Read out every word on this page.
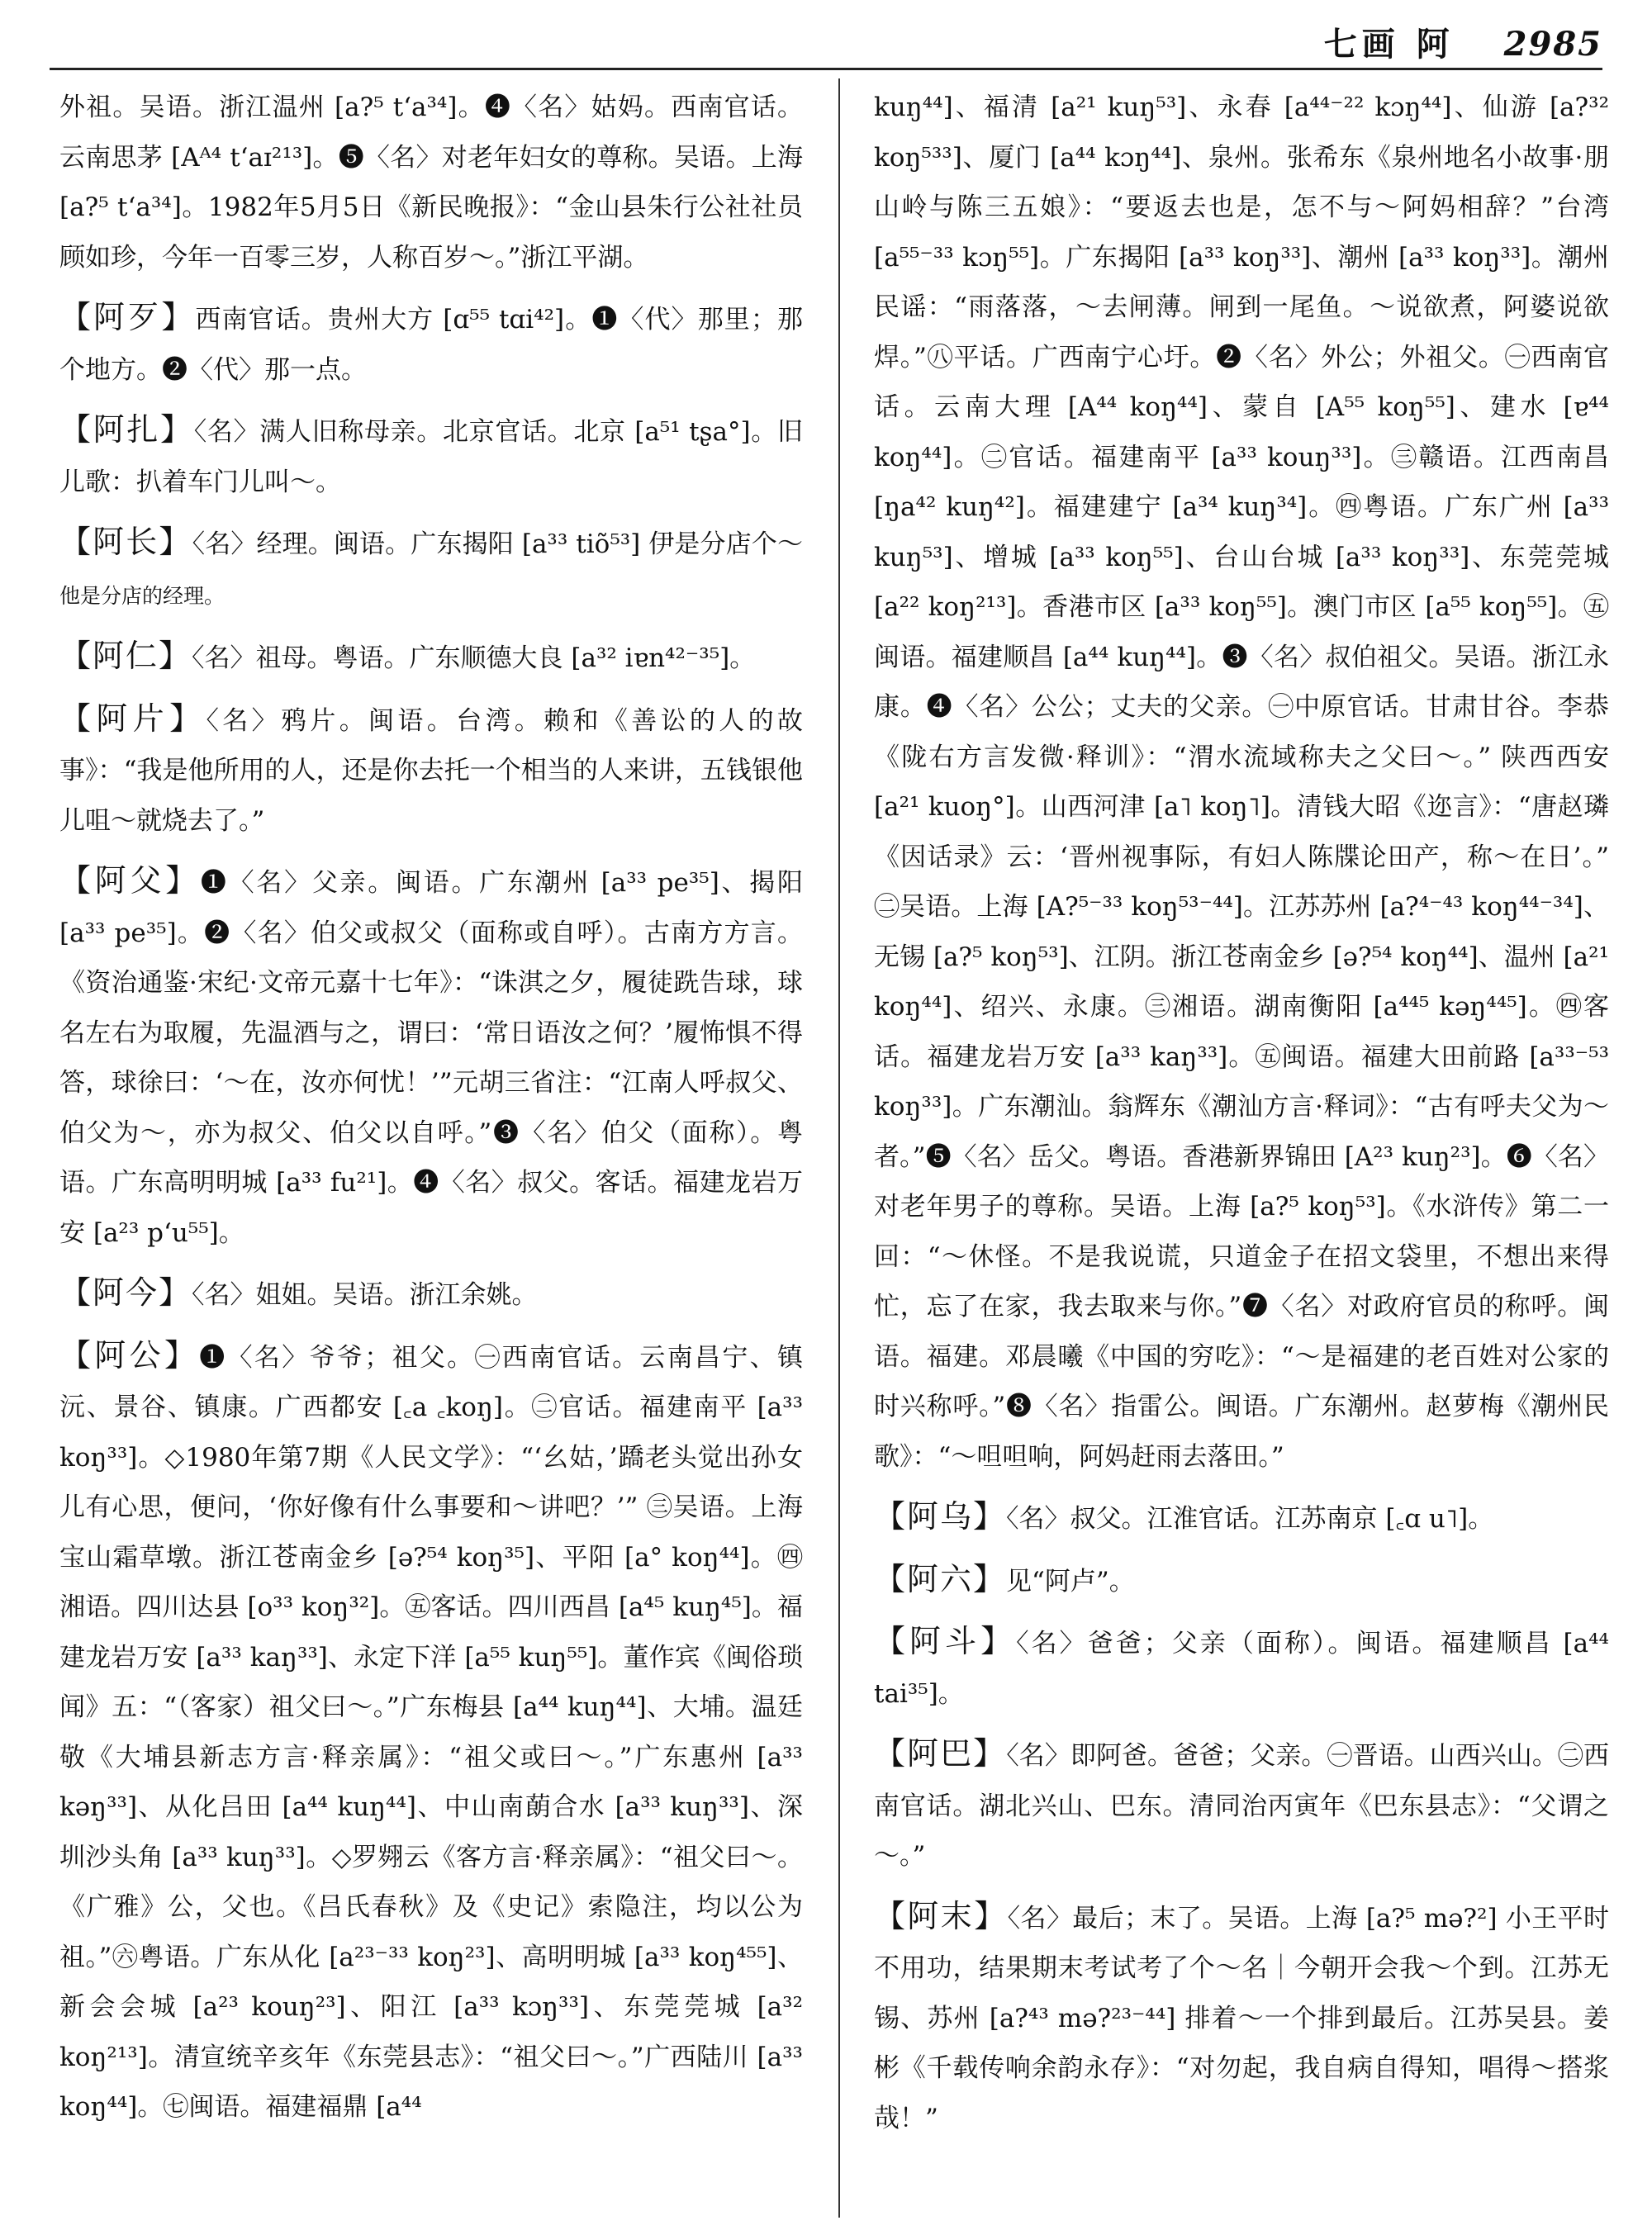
七画 阿 2985

外祖。吴语。浙江温州 [a?⁵ t‘a³⁴]。❹〈名〉姑妈。西南官话。云南思茅 [Aᴬ⁴ t‘aɪ²¹³]。❺〈名〉对老年妇女的尊称。吴语。上海 [a?⁵ t‘a³⁴]。1982年5月5日《新民晚报》：“金山县朱行公社社员顾如珍，今年一百零三岁，人称百岁～。”浙江平湖。

【阿歹】西南官话。贵州大方 [ɑ⁵⁵ tɑi⁴²]。❶〈代〉那里；那个地方。❷〈代〉那一点。

【阿扎】〈名〉满人旧称母亲。北京官话。北京 [a⁵¹ tʂa°]。旧儿歌：扒着车门儿叫～。

【阿长】〈名〉经理。闽语。广东揭阳 [a³³ tiõ⁵³] 伊是分店个～他是分店的经理。

【阿仁】〈名〉祖母。粤语。广东顺德大良 [a³² iɐn⁴²⁻³⁵]。

【阿片】〈名〉鸦片。闽语。台湾。赖和《善讼的人的故事》：“我是他所用的人，还是你去托一个相当的人来讲，五钱银他儿咀～就烧去了。”

【阿父】❶〈名〉父亲。闽语。广东潮州 [a³³ pe³⁵]、揭阳 [a³³ pe³⁵]。❷〈名〉伯父或叔父（面称或自呼）。古南方方言。《资治通鉴·宋纪·文帝元嘉十七年》：“诛淇之夕，履徒跣告球，球名左右为取履，先温酒与之，谓曰：‘常日语汝之何？’履怖惧不得答，球徐曰：‘～在，汝亦何忧！’”元胡三省注：“江南人呼叔父、伯父为～，亦为叔父、伯父以自呼。”❸〈名〉伯父（面称）。粤语。广东高明明城 [a³³ fu²¹]。❹〈名〉叔父。客话。福建龙岩万安 [a²³ p‘u⁵⁵]。

【阿今】〈名〉姐姐。吴语。浙江余姚。

【阿公】❶〈名〉爷爷；祖父。㊀西南官话。云南昌宁、镇沅、景谷、镇康。广西都安 [꜀a ꜀koŋ]。㊁官话。福建南平 [a³³ koŋ³³]。◇1980年第7期《人民文学》：“‘幺姑，’蹻老头觉出孙女儿有心思，便问，‘你好像有什么事要和～讲吧？’” ㊂吴语。上海宝山霜草墩。浙江苍南金乡 [ə?⁵⁴ koŋ³⁵]、平阳 [a° koŋ⁴⁴]。㊃湘语。四川达县 [o³³ koŋ³²]。㊄客话。四川西昌 [a⁴⁵ kuŋ⁴⁵]。福建龙岩万安 [a³³ kaŋ³³]、永定下洋 [a⁵⁵ kuŋ⁵⁵]。董作宾《闽俗琐闻》五：“（客家）祖父曰～。”广东梅县 [a⁴⁴ kuŋ⁴⁴]、大埔。温廷敬《大埔县新志方言·释亲属》：“祖父或曰～。”广东惠州 [a³³ kəŋ³³]、从化吕田 [a⁴⁴ kuŋ⁴⁴]、中山南蓢合水 [a³³ kuŋ³³]、深圳沙头角 [a³³ kuŋ³³]。◇罗翙云《客方言·释亲属》：“祖父曰～。《广雅》公，父也。《吕氏春秋》及《史记》索隐注，均以公为祖。”㊅粤语。广东从化 [a²³⁻³³ koŋ²³]、高明明城 [a³³ koŋ⁴⁵⁵]、新会会城 [a²³ kouŋ²³]、阳江 [a³³ kɔŋ³³]、东莞莞城 [a³² koŋ²¹³]。清宣统辛亥年《东莞县志》：“祖父曰～。”广西陆川 [a³³ koŋ⁴⁴]。㊆闽语。福建福鼎 [a⁴⁴

kuŋ⁴⁴]、福清 [a²¹ kuŋ⁵³]、永春 [a⁴⁴⁻²² kɔŋ⁴⁴]、仙游 [a?³² koŋ⁵³³]、厦门 [a⁴⁴ kɔŋ⁴⁴]、泉州。张希东《泉州地名小故事·朋山岭与陈三五娘》：“要返去也是，怎不与～阿妈相辞？”台湾 [a⁵⁵⁻³³ kɔŋ⁵⁵]。广东揭阳 [a³³ koŋ³³]、潮州 [a³³ koŋ³³]。潮州民谣：“雨落落，～去闸薄。闸到一尾鱼。～说欲煮，阿婆说欲焊。”㊇平话。广西南宁心圩。❷〈名〉外公；外祖父。㊀西南官话。云南大理 [A⁴⁴ koŋ⁴⁴]、蒙自 [A⁵⁵ koŋ⁵⁵]、建水 [ɐ⁴⁴ koŋ⁴⁴]。㊁官话。福建南平 [a³³ kouŋ³³]。㊂赣语。江西南昌 [ŋa⁴² kuŋ⁴²]。福建建宁 [a³⁴ kuŋ³⁴]。㊃粤语。广东广州 [a³³ kuŋ⁵³]、增城 [a³³ koŋ⁵⁵]、台山台城 [a³³ koŋ³³]、东莞莞城 [a²² koŋ²¹³]。香港市区 [a³³ koŋ⁵⁵]。澳门市区 [a⁵⁵ koŋ⁵⁵]。㊄闽语。福建顺昌 [a⁴⁴ kuŋ⁴⁴]。❸〈名〉叔伯祖父。吴语。浙江永康。❹〈名〉公公；丈夫的父亲。㊀中原官话。甘肃甘谷。李恭《陇右方言发微·释训》：“渭水流域称夫之父曰～。” 陕西西安 [a²¹ kuoŋ°]。山西河津 [a˥ koŋ˥]。清钱大昭《迩言》：“唐赵璘《因话录》云：‘晋州视事际，有妇人陈牒论田产，称～在日’。” ㊁吴语。上海 [A?⁵⁻³³ koŋ⁵³⁻⁴⁴]。江苏苏州 [a?⁴⁻⁴³ koŋ⁴⁴⁻³⁴]、无锡 [a?⁵ koŋ⁵³]、江阴。浙江苍南金乡 [ə?⁵⁴ koŋ⁴⁴]、温州 [a²¹ koŋ⁴⁴]、绍兴、永康。㊂湘语。湖南衡阳 [a⁴⁴⁵ kəŋ⁴⁴⁵]。㊃客话。福建龙岩万安 [a³³ kaŋ³³]。㊄闽语。福建大田前路 [a³³⁻⁵³ koŋ³³]。广东潮汕。翁辉东《潮汕方言·释词》：“古有呼夫父为～者。”❺〈名〉岳父。粤语。香港新界锦田 [A²³ kuŋ²³]。❻〈名〉对老年男子的尊称。吴语。上海 [a?⁵ koŋ⁵³]。《水浒传》第二一回：“～休怪。不是我说谎，只道金子在招文袋里，不想出来得忙，忘了在家，我去取来与你。”❼〈名〉对政府官员的称呼。闽语。福建。邓晨曦《中国的穷吃》：“～是福建的老百姓对公家的时兴称呼。”❽〈名〉指雷公。闽语。广东潮州。赵萝梅《潮州民歌》：“～呾呾响，阿妈赶雨去落田。”

【阿乌】〈名〉叔父。江淮官话。江苏南京 [꜀ɑ u˥]。

【阿六】见“阿卢”。

【阿斗】〈名〉爸爸；父亲（面称）。闽语。福建顺昌 [a⁴⁴ tai³⁵]。

【阿巴】〈名〉即阿爸。爸爸；父亲。㊀晋语。山西兴山。㊁西南官话。湖北兴山、巴东。清同治丙寅年《巴东县志》：“父谓之～。”

【阿末】〈名〉最后；末了。吴语。上海 [a?⁵ mə?²] 小王平时不用功，结果期末考试考了个～名｜今朝开会我～个到。江苏无锡、苏州 [a?⁴³ mə?²³⁻⁴⁴] 排着～一个排到最后。江苏吴县。姜彬《千载传响余韵永存》：“对勿起，我自病自得知，唱得～搭浆哉！”
